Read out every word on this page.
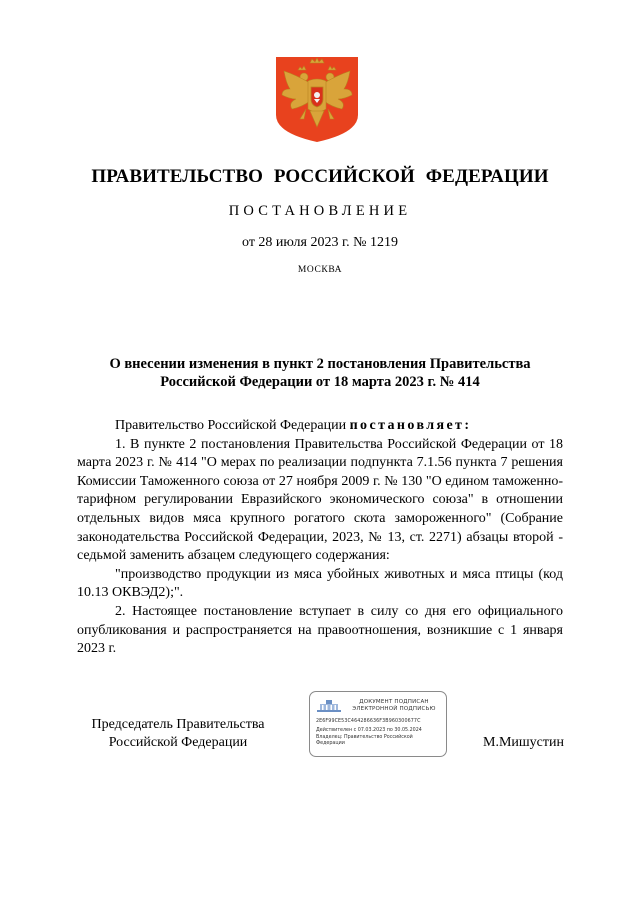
ПРАВИТЕЛЬСТВО РОССИЙСКОЙ ФЕДЕРАЦИИ
ПОСТАНОВЛЕНИЕ
от 28 июля 2023 г. № 1219
МОСКВА
О внесении изменения в пункт 2 постановления Правительства
Российской Федерации от 18 марта 2023 г. № 414

Правительство Российской Федерации постановляет:

1. В пункте 2 постановления Правительства Российской Федерации от 18 марта 2023 г. № 414 "О мерах по реализации подпункта 7.1.56 пункта 7 решения Комиссии Таможенного союза от 27 ноября 2009 г. № 130 "О едином таможенно-тарифном регулировании Евразийского экономического союза" в отношении отдельных видов мяса крупного рогатого скота замороженного" (Собрание законодательства Российской Федерации, 2023, № 13, ст. 2271) абзацы второй - седьмой заменить абзацем следующего содержания:

"производство продукции из мяса убойных животных и мяса птицы (код 10.13 ОКВЭД2);".

2. Настоящее постановление вступает в силу со дня его официального опубликования и распространяется на правоотношения, возникшие с 1 января 2023 г.

Председатель Правительства
Российской Федерации
ДОКУМЕНТ ПОДПИСАН
ЭЛЕКТРОННОЙ ПОДПИСЬЮ
2E6F99CE53C464286636F3B960300677C
Действителен с 07.03.2023 по 30.05.2024
Владелец: Правительство Российской
Федерации	М.Мишустин
